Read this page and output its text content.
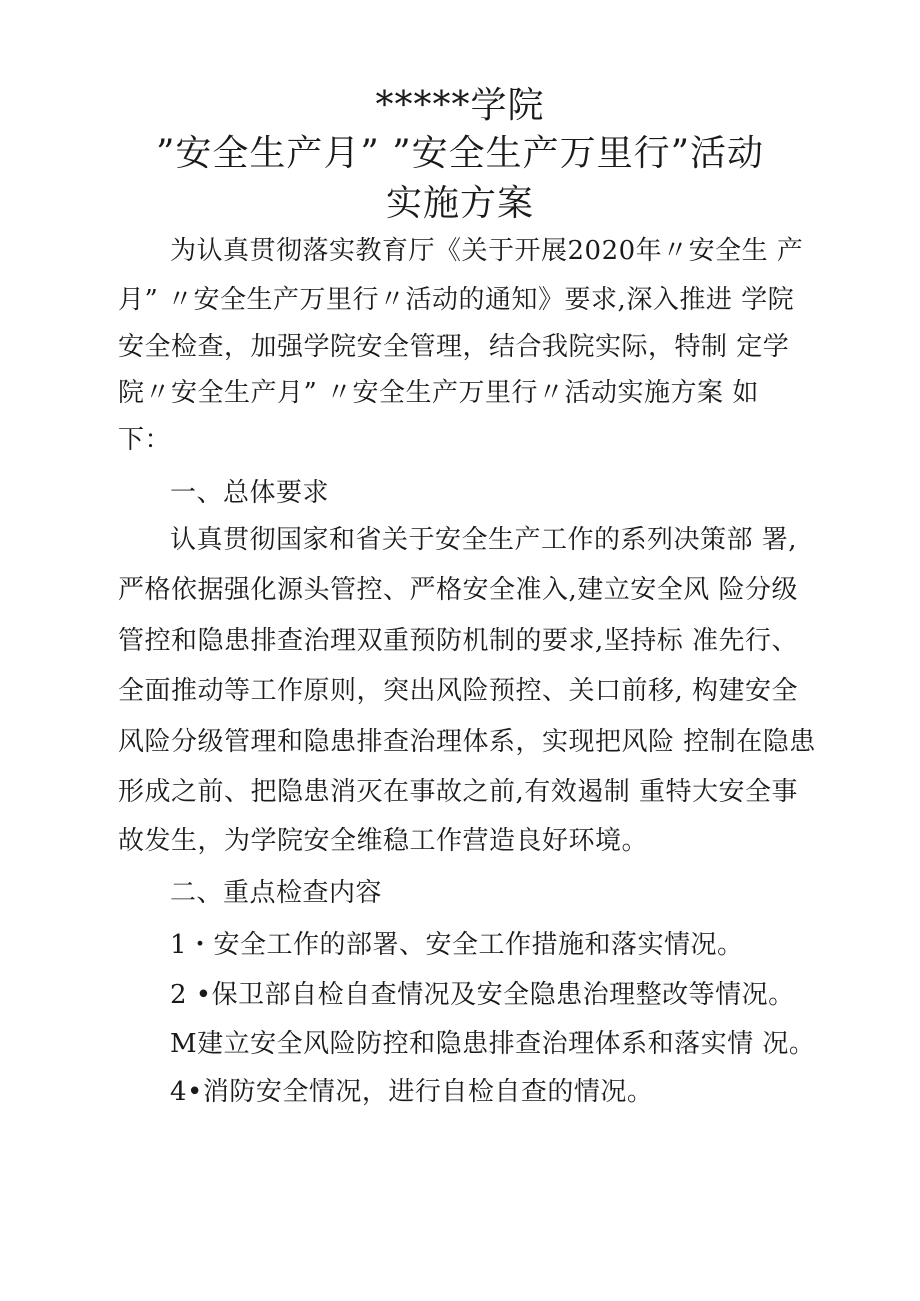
*****学院
”安全生产月” ”安全生产万里行”活动
实施方案
为认真贯彻落实教育厅《关于开展2020年〃安全生 产
月” 〃安全生产万里行〃活动的通知》要求,深入推进 学院
安全检查，加强学院安全管理，结合我院实际，特制 定学
院〃安全生产月” 〃安全生产万里行〃活动实施方案 如
下：
一、总体要求
认真贯彻国家和省关于安全生产工作的系列决策部 署,
严格依据强化源头管控、严格安全准入,建立安全风 险分级
管控和隐患排查治理双重预防机制的要求,坚持标 准先行、
全面推动等工作原则，突出风险预控、关口前移, 构建安全
风险分级管理和隐患排查治理体系，实现把风险 控制在隐患
形成之前、把隐患消灭在事故之前,有效遏制 重特大安全事
故发生，为学院安全维稳工作营造良好环境。
二、重点检查内容
1・安全工作的部署、安全工作措施和落实情况。
2 •保卫部自检自查情况及安全隐患治理整改等情况。
M建立安全风险防控和隐患排查治理体系和落实情 况。
4•消防安全情况，进行自检自查的情况。
